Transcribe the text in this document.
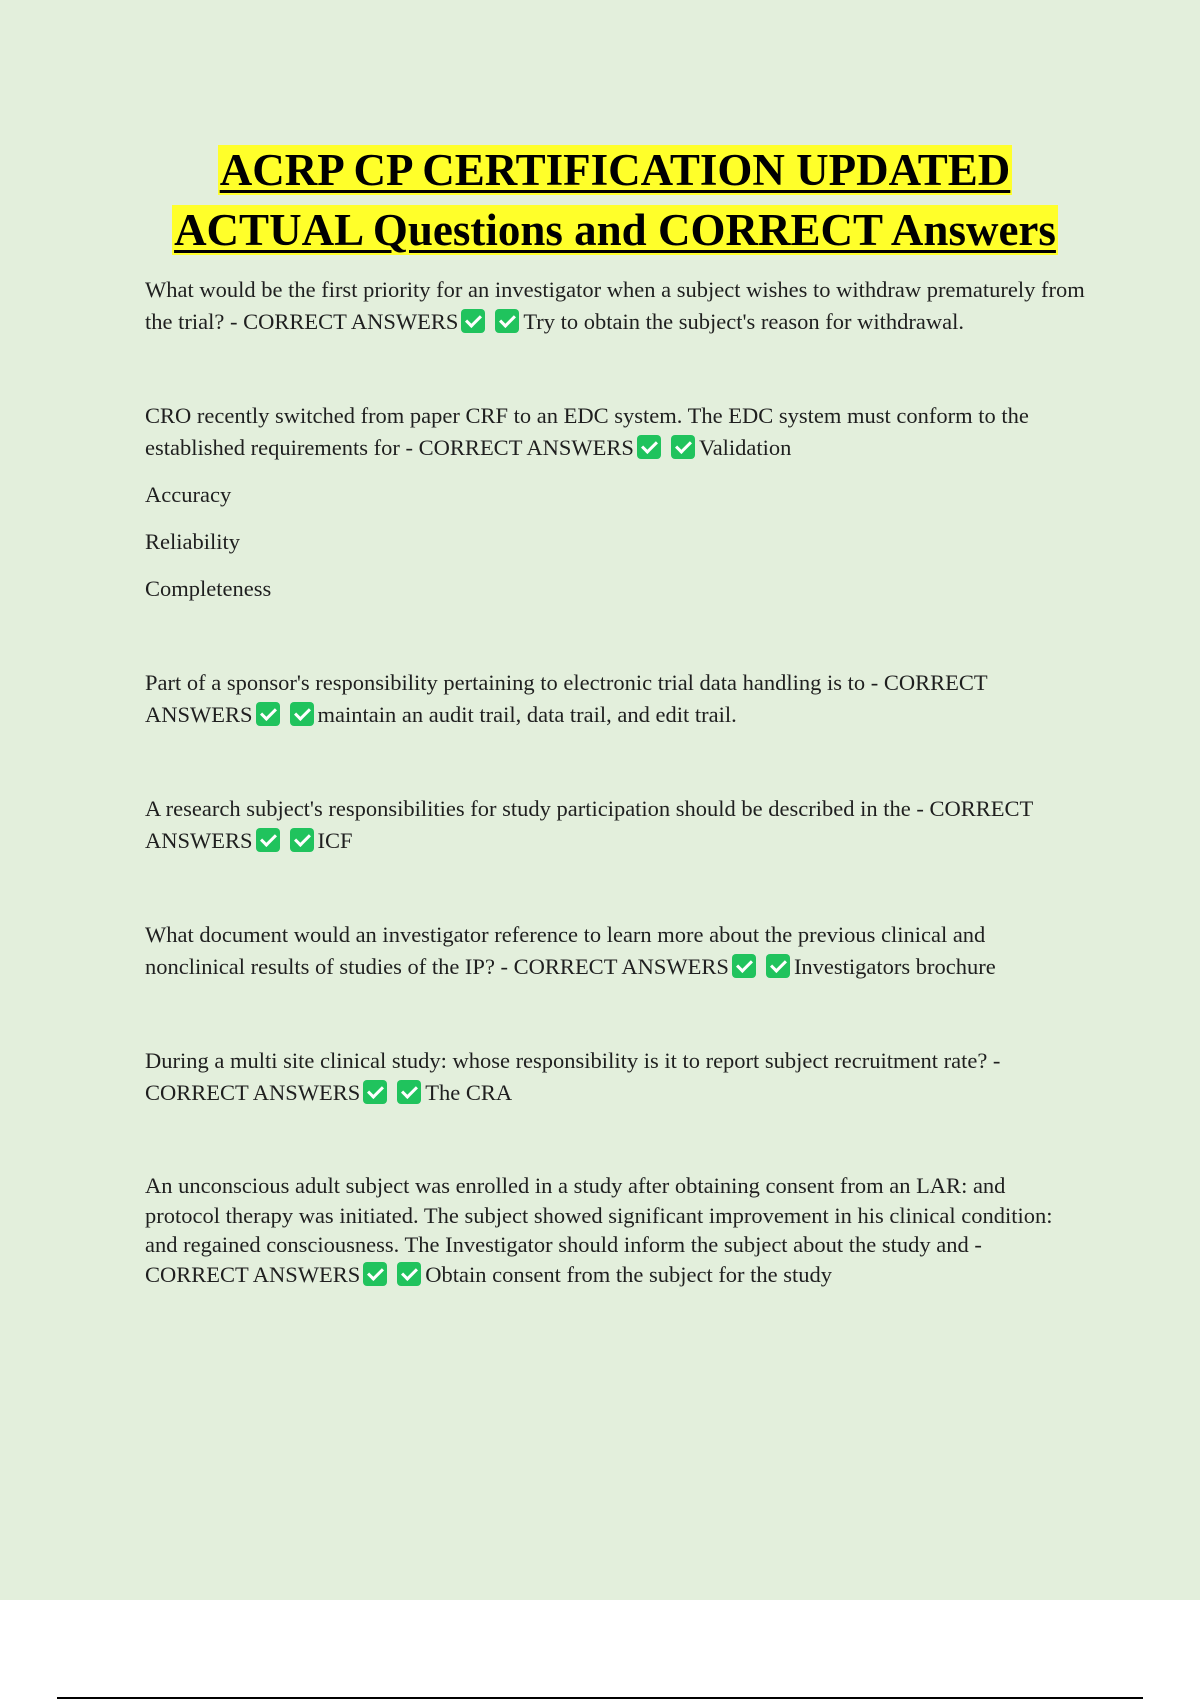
ACRP CP CERTIFICATION UPDATED ACTUAL Questions and CORRECT Answers

What would be the first priority for an investigator when a subject wishes to withdraw prematurely from the trial? - CORRECT ANSWERS	Try to obtain the subject's reason for withdrawal.

CRO recently switched from paper CRF to an EDC system. The EDC system must conform to the established requirements for - CORRECT ANSWERS	Validation

Accuracy

Reliability

Completeness

Part of a sponsor's responsibility pertaining to electronic trial data handling is to - CORRECT ANSWERS	maintain an audit trail, data trail, and edit trail.

A research subject's responsibilities for study participation should be described in the - CORRECT ANSWERS	ICF

What document would an investigator reference to learn more about the previous clinical and nonclinical results of studies of the IP? - CORRECT ANSWERS	Investigators brochure

During a multi site clinical study: whose responsibility is it to report subject recruitment rate? - CORRECT ANSWERS	The CRA

An unconscious adult subject was enrolled in a study after obtaining consent from an LAR: and protocol therapy was initiated. The subject showed significant improvement in his clinical condition: and regained consciousness. The Investigator should inform the subject about the study and - CORRECT ANSWERS	Obtain consent from the subject for the study
